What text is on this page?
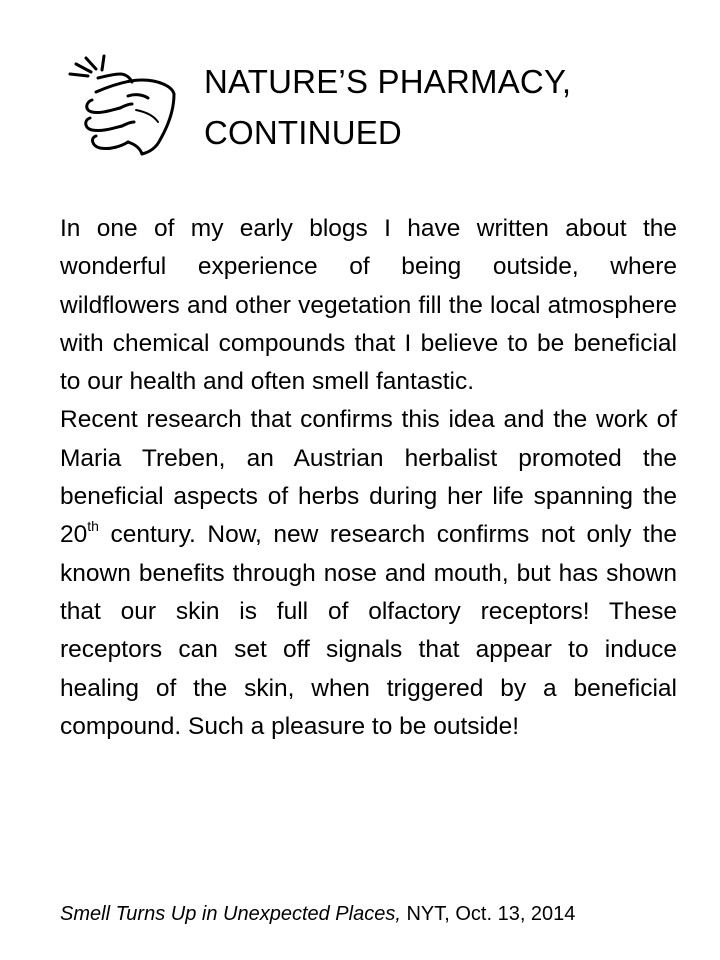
NATURE’S PHARMACY,
CONTINUED

In one of my early blogs I have written about the wonderful experience of being outside, where wildflowers and other vegetation fill the local atmosphere with chemical compounds that I believe to be beneficial to our health and often smell fantastic.

Recent research that confirms this idea and the work of Maria Treben, an Austrian herbalist promoted the beneficial aspects of herbs during her life spanning the 20th century. Now, new research confirms not only the known benefits through nose and mouth, but has shown that our skin is full of olfactory receptors! These receptors can set off signals that appear to induce healing of the skin, when triggered by a beneficial compound. Such a pleasure to be outside!

Smell Turns Up in Unexpected Places, NYT, Oct. 13, 2014
